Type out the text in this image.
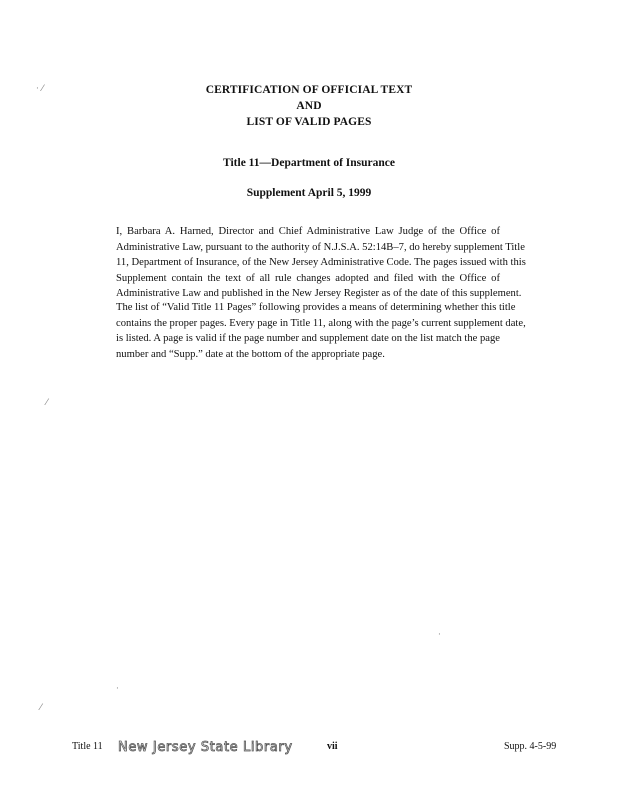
CERTIFICATION OF OFFICIAL TEXT
AND
LIST OF VALID PAGES
Title 11—Department of Insurance
Supplement April 5, 1999

I, Barbara A. Harned, Director and Chief Administrative Law Judge of the Office of
Administrative Law, pursuant to the authority of N.J.S.A. 52:14B–7, do hereby supplement Title
11, Department of Insurance, of the New Jersey Administrative Code. The pages issued with this
Supplement contain the text of all rule changes adopted and filed with the Office of
Administrative Law and published in the New Jersey Register as of the date of this supplement.

The list of “Valid Title 11 Pages” following provides a means of determining whether this title
contains the proper pages. Every page in Title 11, along with the page’s current supplement date,
is listed. A page is valid if the page number and supplement date on the list match the page
number and “Supp.” date at the bottom of the appropriate page.

· ⁄
⁄
⁄
·
·
Title 11 New Jersey State Library	vii	Supp. 4-5-99
